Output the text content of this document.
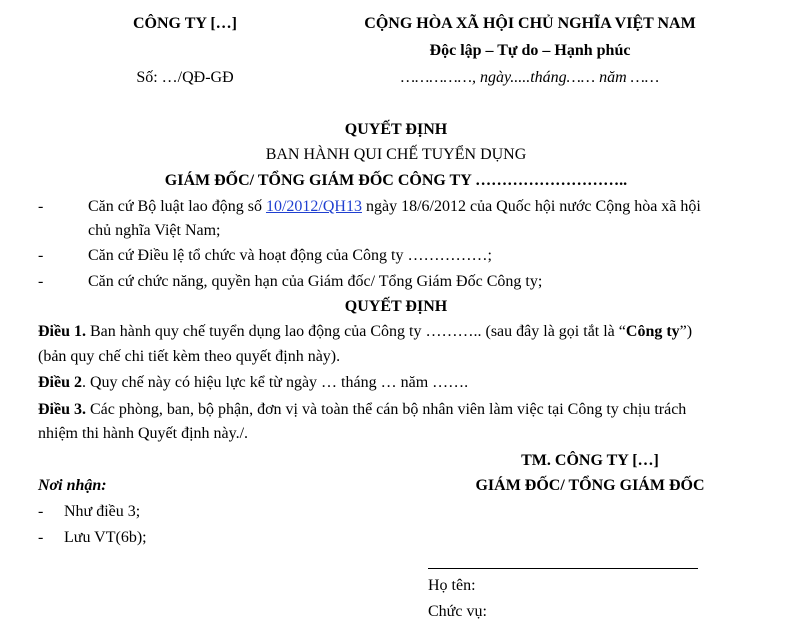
CÔNG TY […]
Số: …/QĐ-GĐ
CỘNG HÒA XÃ HỘI CHỦ NGHĨA VIỆT NAM
Độc lập – Tự do – Hạnh phúc
……………, ngày.....tháng…… năm ……
QUYẾT ĐỊNH
BAN HÀNH QUI CHẾ TUYỂN DỤNG
GIÁM ĐỐC/ TỔNG GIÁM ĐỐC CÔNG TY ………………………..
-	Căn cứ Bộ luật lao động số 10/2012/QH13 ngày 18/6/2012 của Quốc hội nước Cộng hòa xã hội
chủ nghĩa Việt Nam;
-	Căn cứ Điều lệ tổ chức và hoạt động của Công ty ……………;
-	Căn cứ chức năng, quyền hạn của Giám đốc/ Tổng Giám Đốc Công ty;
QUYẾT ĐỊNH
Điều 1. Ban hành quy chế tuyển dụng lao động của Công ty ……….. (sau đây là gọi tắt là “Công ty”)
(bản quy chế chi tiết kèm theo quyết định này).
Điều 2. Quy chế này có hiệu lực kể từ ngày … tháng … năm …….
Điều 3. Các phòng, ban, bộ phận, đơn vị và toàn thể cán bộ nhân viên làm việc tại Công ty chịu trách
nhiệm thi hành Quyết định này./.
TM. CÔNG TY […]
GIÁM ĐỐC/ TỔNG GIÁM ĐỐC
Nơi nhận:
- Như điều 3;
- Lưu VT(6b);
Họ tên:
Chức vụ:
